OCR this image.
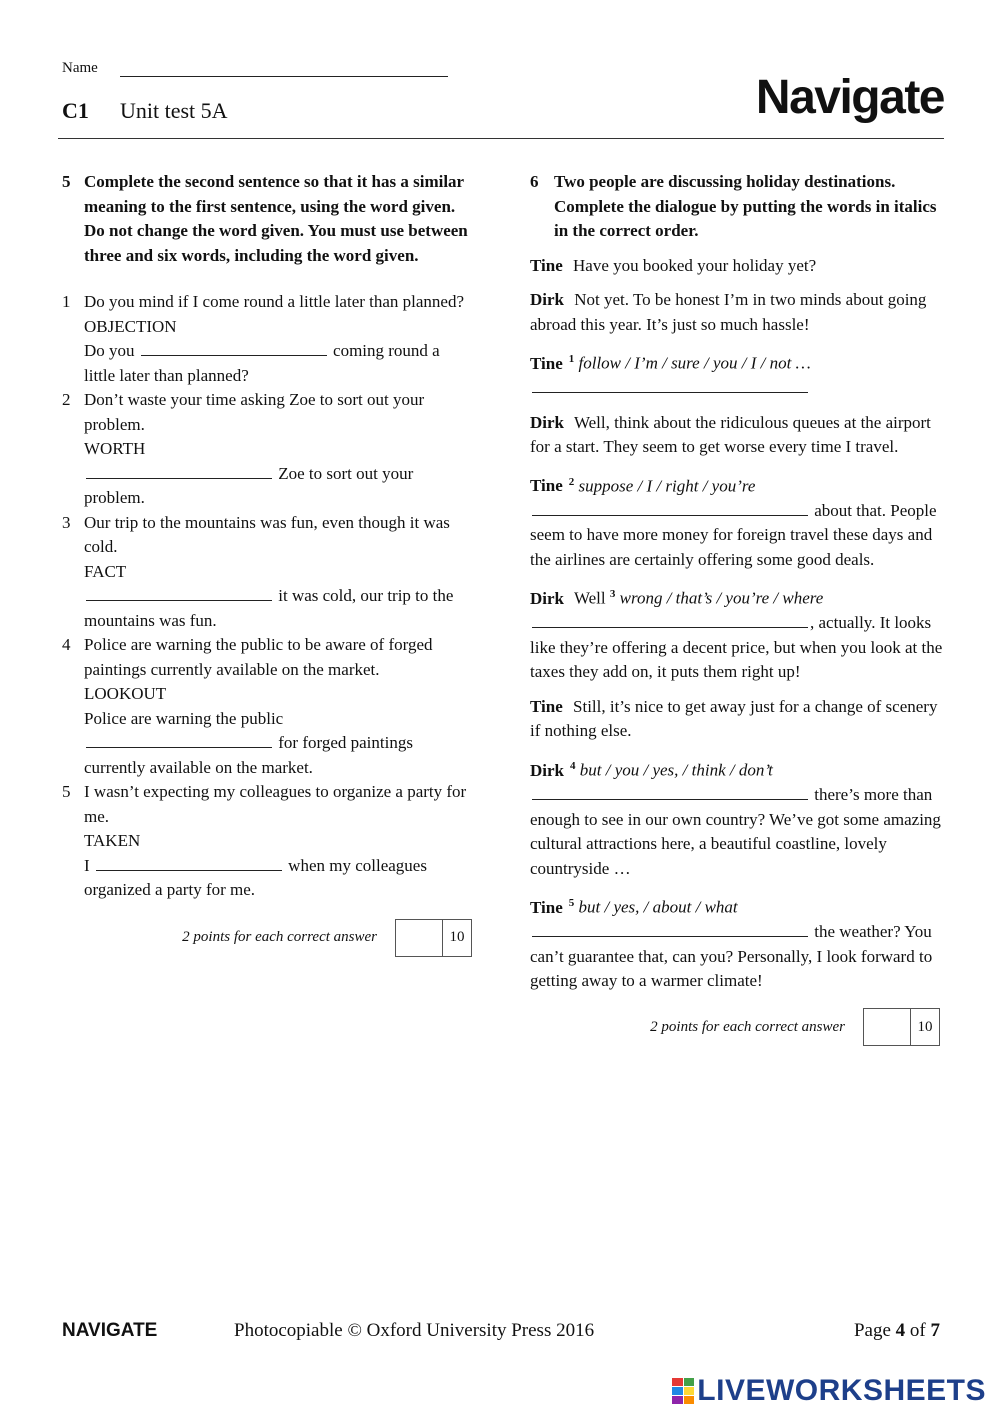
Name
C1 Unit test 5A	Navigate
5 Complete the second sentence so that it has a similar meaning to the first sentence, using the word given. Do not change the word given. You must use between three and six words, including the word given.
1 Do you mind if I come round a little later than planned?
OBJECTION
Do you	coming round a little later than planned?
2 Don’t waste your time asking Zoe to sort out your problem.
WORTH
Zoe to sort out your problem.
3 Our trip to the mountains was fun, even though it was cold.
FACT
it was cold, our trip to the mountains was fun.
4 Police are warning the public to be aware of forged paintings currently available on the market.
LOOKOUT
Police are warning the public  for forged paintings currently available on the market.
5 I wasn’t expecting my colleagues to organize a party for me.
TAKEN
I	when my colleagues organized a party for me.
2 points for each correct answer	10
6 Two people are discussing holiday destinations. Complete the dialogue by putting the words in italics in the correct order.
Tine Have you booked your holiday yet?
Dirk Not yet. To be honest I’m in two minds about going abroad this year. It’s just so much hassle!
Tine $^1$ follow / I’m / sure / you / I / not …

Dirk Well, think about the ridiculous queues at the airport for a start. They seem to get worse every time I travel.
Tine $^2$ suppose / I / right / you’re
about that. People seem to have more money for foreign travel these days and the airlines are certainly offering some good deals.
Dirk Well $^3$ wrong / that’s / you’re / where
, actually. It looks like they’re offering a decent price, but when you look at the taxes they add on, it puts them right up!
Tine Still, it’s nice to get away just for a change of scenery if nothing else.
Dirk $^4$ but / you / yes, / think / don’t
there’s more than enough to see in our own country? We’ve got some amazing cultural attractions here, a beautiful coastline, lovely countryside …
Tine $^5$ but / yes, / about / what
the weather? You can’t guarantee that, can you? Personally, I look forward to getting away to a warmer climate!
2 points for each correct answer	10
NAVIGATE	Photocopiable © Oxford University Press 2016	Page 4 of 7
LIVEWORKSHEETS
